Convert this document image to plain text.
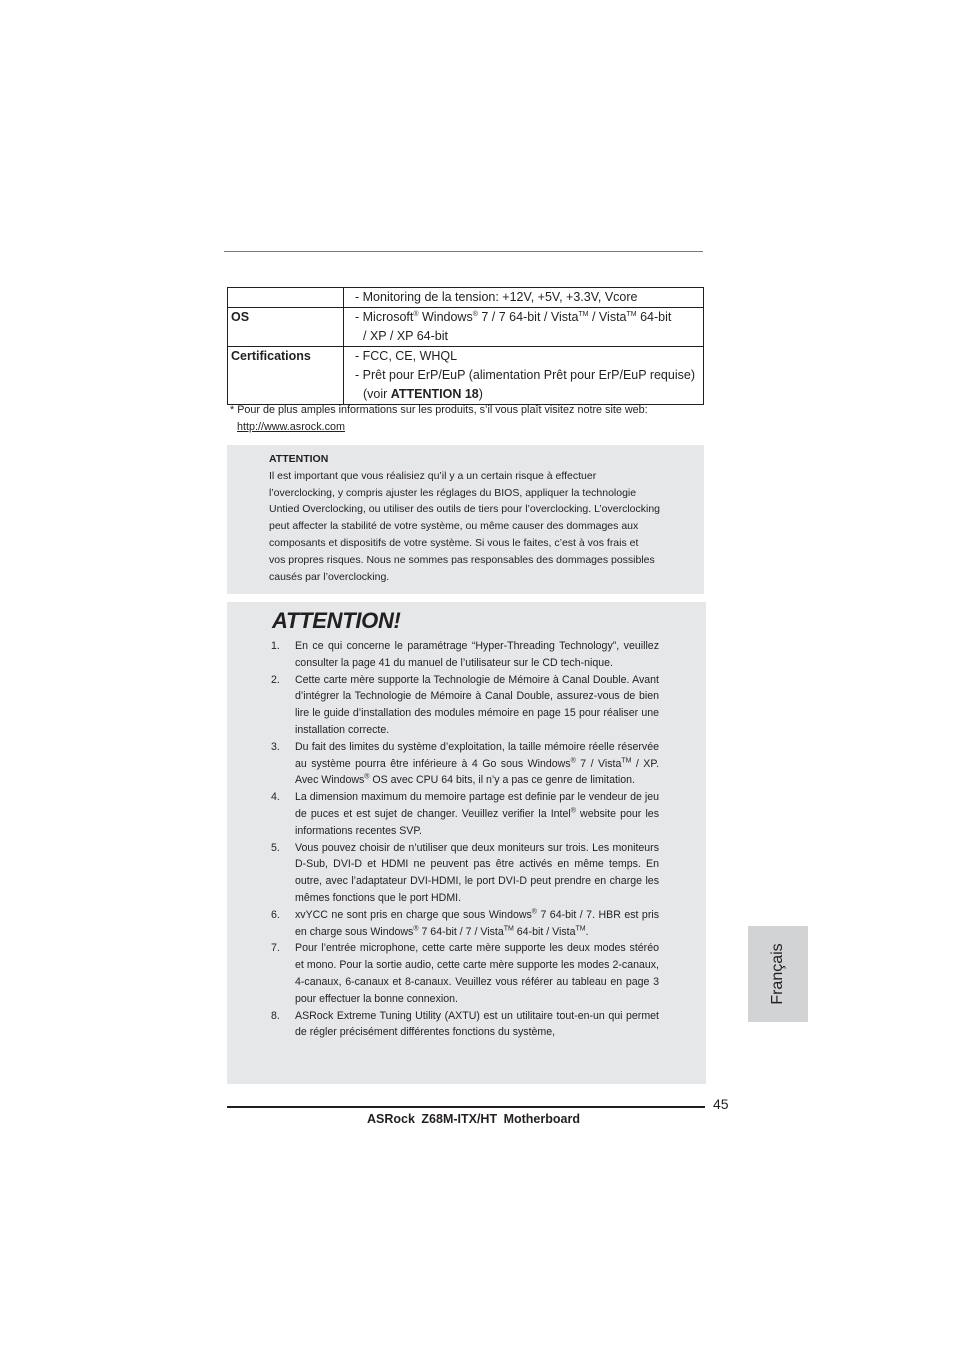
	- Monitoring de la tension: +12V, +5V, +3.3V, Vcore

OS	- Microsoft® Windows® 7 / 7 64-bit / Vista™ / Vista™ 64-bit
/ XP / XP 64-bit

Certifications	- FCC, CE, WHQL
- Prêt pour ErP/EuP (alimentation Prêt pour ErP/EuP requise)
(voir ATTENTION 18)
* Pour de plus amples informations sur les produits, s’il vous plaît visitez notre site web:
http://www.asrock.com
ATTENTION
Il est important que vous réalisiez qu’il y a un certain risque à effectuer
l’overclocking, y compris ajuster les réglages du BIOS, appliquer la technologie
Untied Overclocking, ou utiliser des outils de tiers pour l’overclocking. L’overclocking
peut affecter la stabilité de votre système, ou même causer des dommages aux
composants et dispositifs de votre système. Si vous le faites, c’est à vos frais et
vos propres risques. Nous ne sommes pas responsables des dommages possibles
causés par l’overclocking.
ATTENTION!
1. En ce qui concerne le paramétrage “Hyper-Threading Technology”, veuillez consulter la page 41 du manuel de l’utilisateur sur le CD tech-nique.
2. Cette carte mère supporte la Technologie de Mémoire à Canal Double. Avant d’intégrer la Technologie de Mémoire à Canal Double, assurez-vous de bien lire le guide d’installation des modules mémoire en page 15 pour réaliser une installation correcte.
3. Du fait des limites du système d’exploitation, la taille mémoire réelle réservée au système pourra être inférieure à 4 Go sous Windows® 7 / Vista™ / XP. Avec Windows® OS avec CPU 64 bits, il n’y a pas ce genre de limitation.
4. La dimension maximum du memoire partage est definie par le vendeur de jeu de puces et est sujet de changer. Veuillez verifier la Intel® website pour les informations recentes SVP.
5. Vous pouvez choisir de n’utiliser que deux moniteurs sur trois. Les moniteurs D-Sub, DVI-D et HDMI ne peuvent pas être activés en même temps. En outre, avec l’adaptateur DVI-HDMI, le port DVI-D peut prendre en charge les mêmes fonctions que le port HDMI.
6. xvYCC ne sont pris en charge que sous Windows® 7 64-bit / 7. HBR est pris en charge sous Windows® 7 64-bit / 7 / Vista™ 64-bit / Vista™.
7. Pour l’entrée microphone, cette carte mère supporte les deux modes stéréo et mono. Pour la sortie audio, cette carte mère supporte les modes 2-canaux, 4-canaux, 6-canaux et 8-canaux. Veuillez vous référer au tableau en page 3 pour effectuer la bonne connexion.
8. ASRock Extreme Tuning Utility (AXTU) est un utilitaire tout-en-un qui permet de régler précisément différentes fonctions du système,
Français
45
ASRock Z68M-ITX/HT Motherboard
